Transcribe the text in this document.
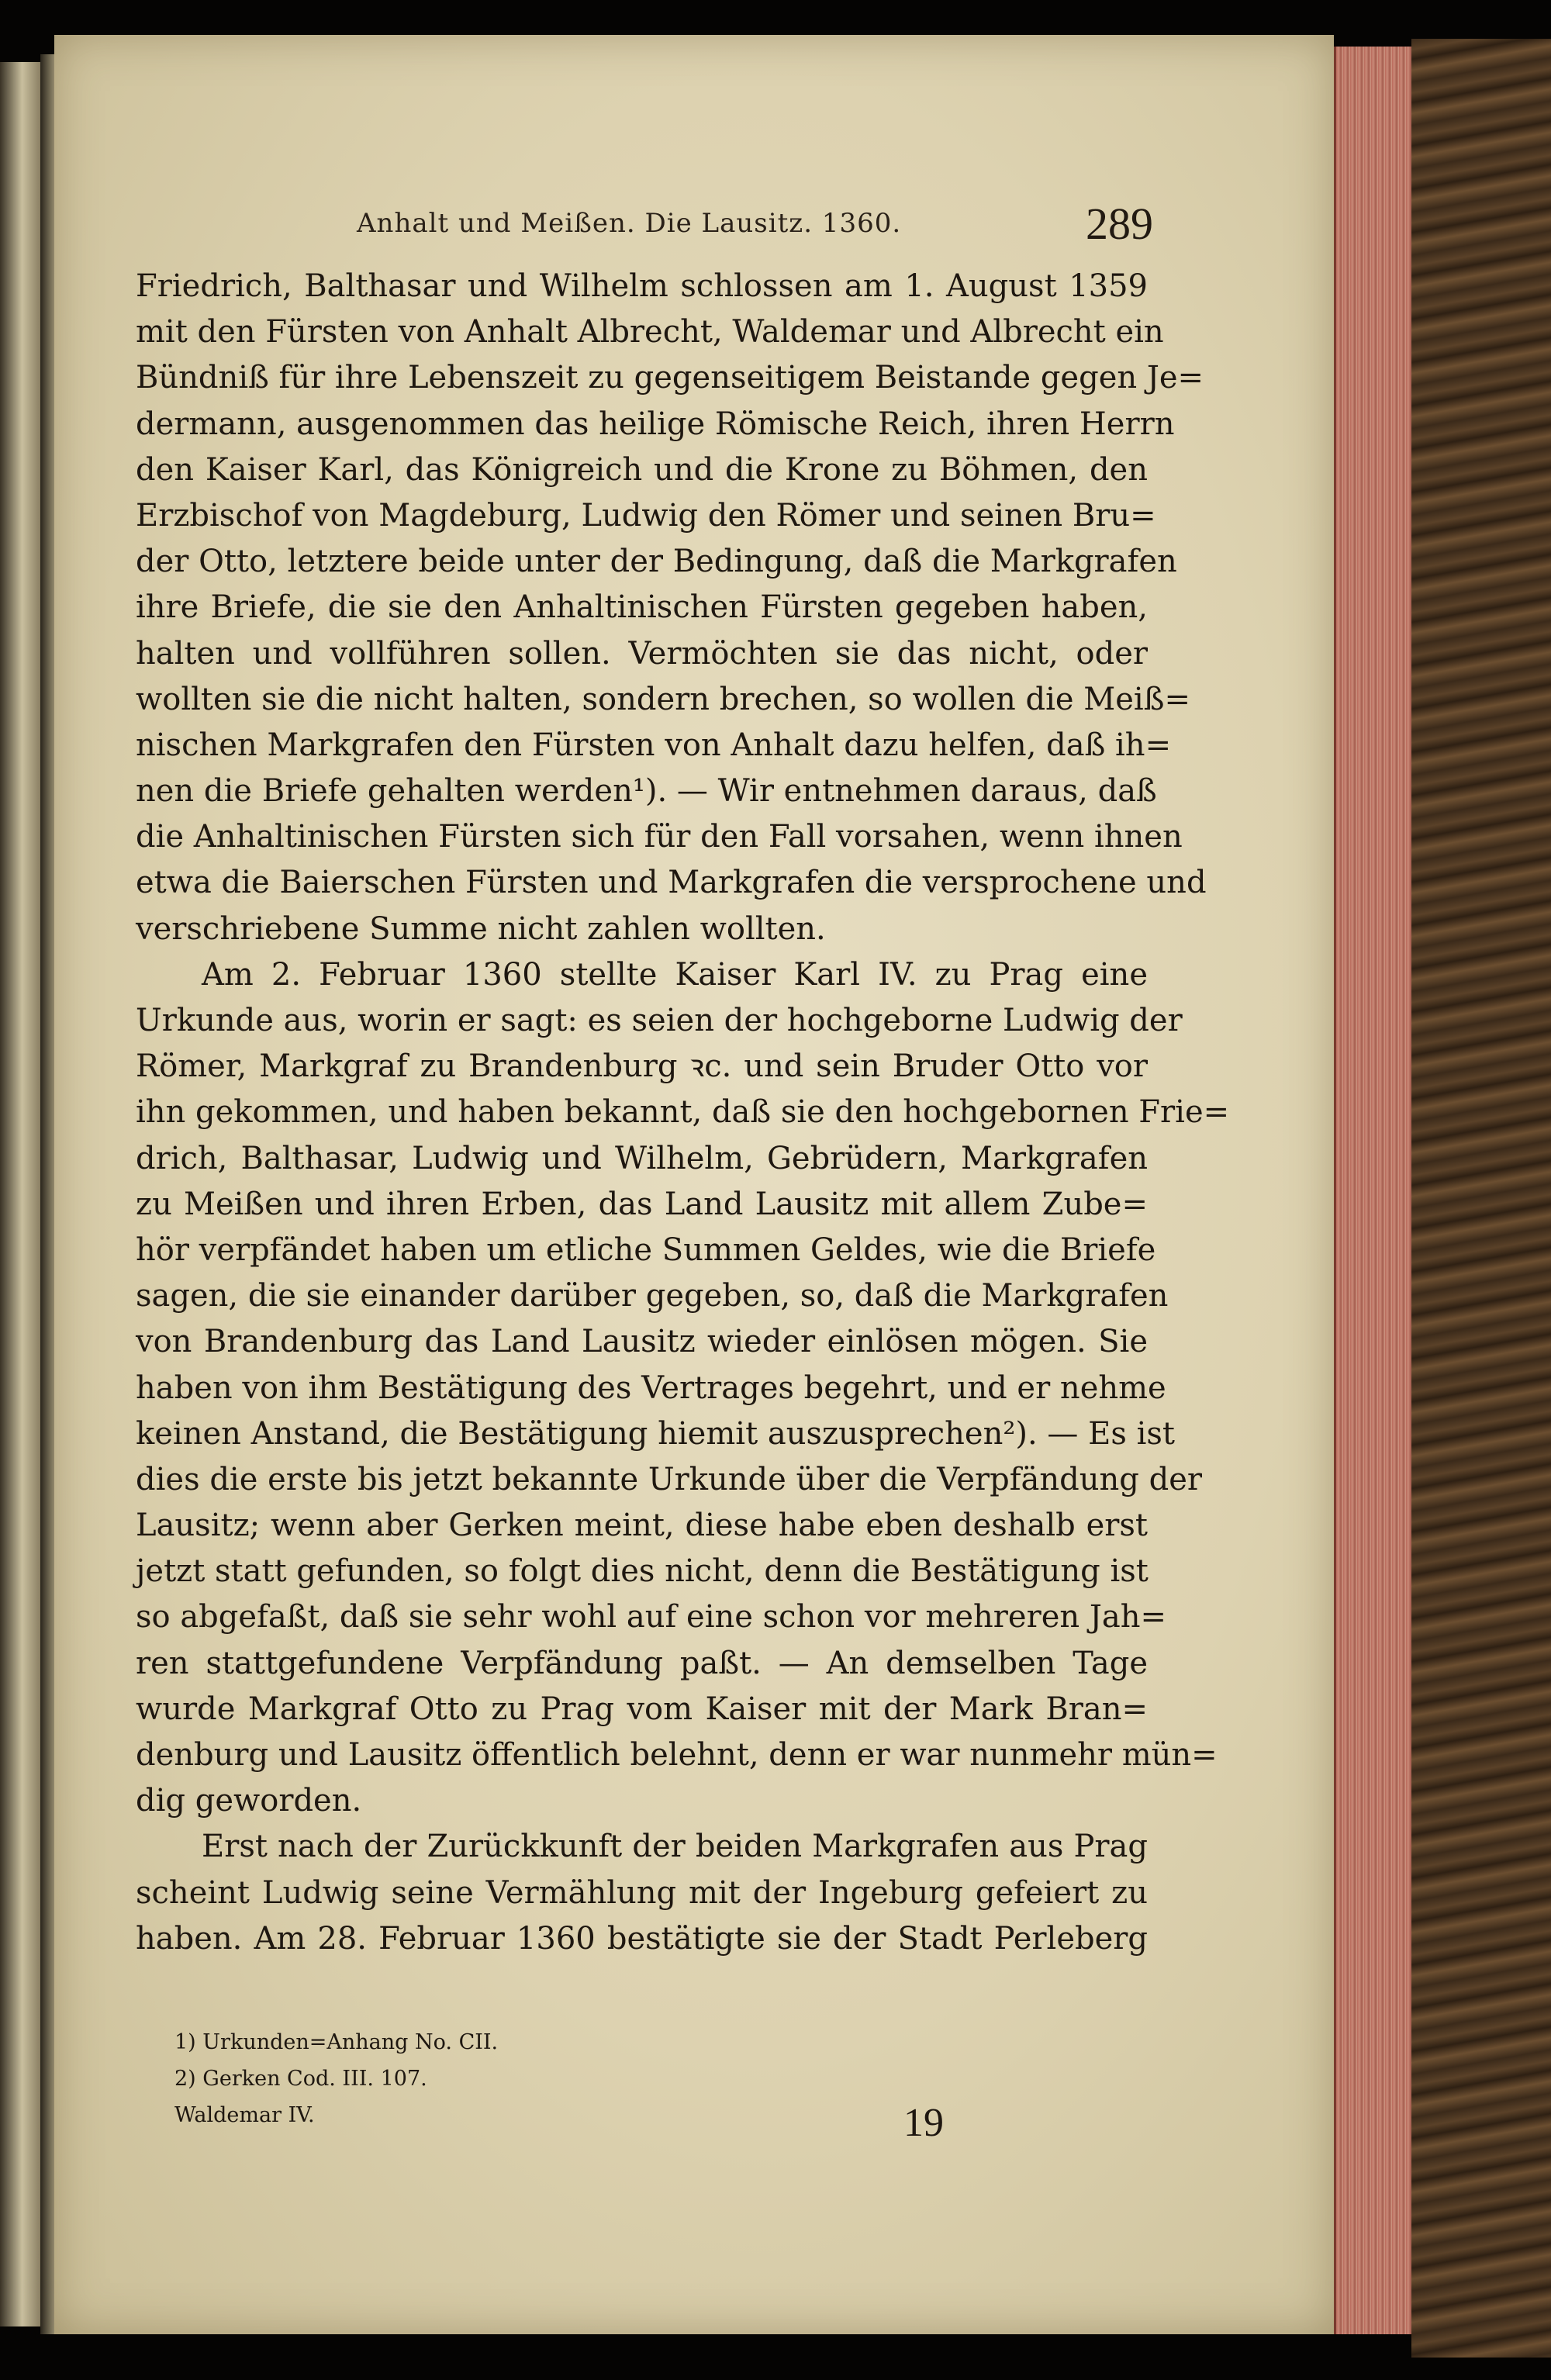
Anhalt und Meißen. Die Lausitz. 1360.	289
Friedrich, Balthasar und Wilhelm schlossen am 1. August 1359
mit den Fürsten von Anhalt Albrecht, Waldemar und Albrecht ein
Bündniß für ihre Lebenszeit zu gegenseitigem Beistande gegen Je=
dermann, ausgenommen das heilige Römische Reich, ihren Herrn
den Kaiser Karl, das Königreich und die Krone zu Böhmen, den
Erzbischof von Magdeburg, Ludwig den Römer und seinen Bru=
der Otto, letztere beide unter der Bedingung, daß die Markgrafen
ihre Briefe, die sie den Anhaltinischen Fürsten gegeben haben,
halten und vollführen sollen. Vermöchten sie das nicht, oder
wollten sie die nicht halten, sondern brechen, so wollen die Meiß=
nischen Markgrafen den Fürsten von Anhalt dazu helfen, daß ih=
nen die Briefe gehalten werden¹). — Wir entnehmen daraus, daß
die Anhaltinischen Fürsten sich für den Fall vorsahen, wenn ihnen
etwa die Baierschen Fürsten und Markgrafen die versprochene und
verschriebene Summe nicht zahlen wollten.
Am 2. Februar 1360 stellte Kaiser Karl IV. zu Prag eine
Urkunde aus, worin er sagt: es seien der hochgeborne Ludwig der
Römer, Markgraf zu Brandenburg ꝛc. und sein Bruder Otto vor
ihn gekommen, und haben bekannt, daß sie den hochgebornen Frie=
drich, Balthasar, Ludwig und Wilhelm, Gebrüdern, Markgrafen
zu Meißen und ihren Erben, das Land Lausitz mit allem Zube=
hör verpfändet haben um etliche Summen Geldes, wie die Briefe
sagen, die sie einander darüber gegeben, so, daß die Markgrafen
von Brandenburg das Land Lausitz wieder einlösen mögen. Sie
haben von ihm Bestätigung des Vertrages begehrt, und er nehme
keinen Anstand, die Bestätigung hiemit auszusprechen²). — Es ist
dies die erste bis jetzt bekannte Urkunde über die Verpfändung der
Lausitz; wenn aber Gerken meint, diese habe eben deshalb erst
jetzt statt gefunden, so folgt dies nicht, denn die Bestätigung ist
so abgefaßt, daß sie sehr wohl auf eine schon vor mehreren Jah=
ren stattgefundene Verpfändung paßt. — An demselben Tage
wurde Markgraf Otto zu Prag vom Kaiser mit der Mark Bran=
denburg und Lausitz öffentlich belehnt, denn er war nunmehr mün=
dig geworden.
Erst nach der Zurückkunft der beiden Markgrafen aus Prag
scheint Ludwig seine Vermählung mit der Ingeburg gefeiert zu
haben. Am 28. Februar 1360 bestätigte sie der Stadt Perleberg
1) Urkunden=Anhang No. CII.
2) Gerken Cod. III. 107.
Waldemar IV.	19
